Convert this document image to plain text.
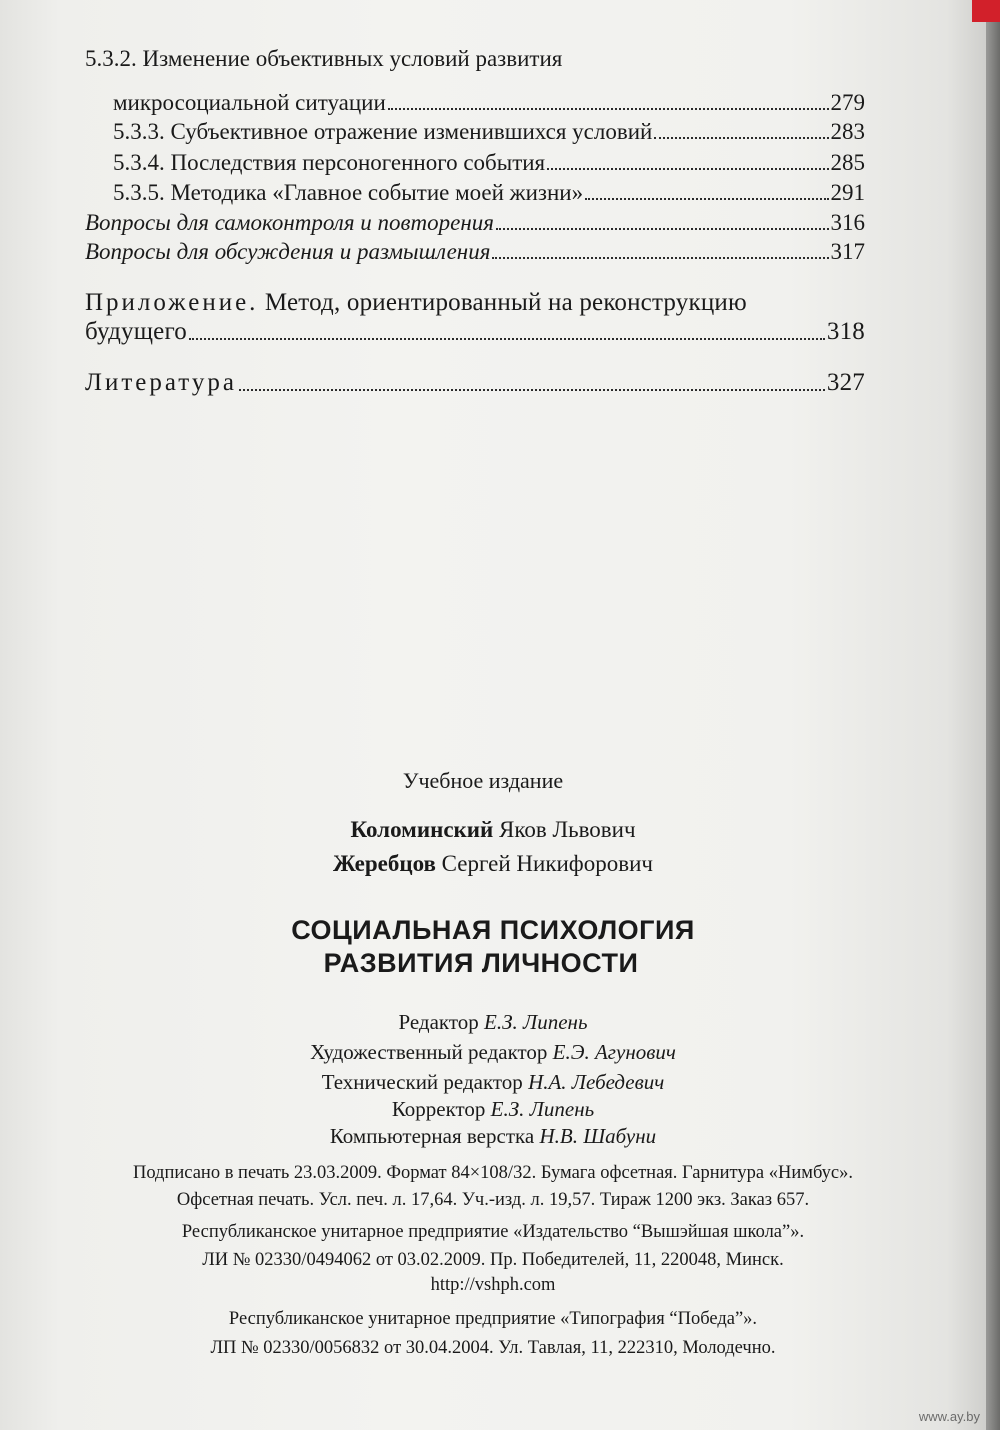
5.3.2. Изменение объективных условий развития
микросоциальной ситуации	279
5.3.3. Субъективное отражение изменившихся условий	283
5.3.4. Последствия персоногенного события	285
5.3.5. Методика «Главное событие моей жизни»	291
Вопросы для самоконтроля и повторения	316
Вопросы для обсуждения и размышления	317
Приложение. Метод, ориентированный на реконструкцию
будущего	318
Литература	327
Учебное издание
Коломинский Яков Львович
Жеребцов Сергей Никифорович
СОЦИАЛЬНАЯ ПСИХОЛОГИЯ
РАЗВИТИЯ ЛИЧНОСТИ
Редактор Е.З. Липень
Художественный редактор Е.Э. Агунович
Технический редактор Н.А. Лебедевич
Корректор Е.З. Липень
Компьютерная верстка Н.В. Шабуни
Подписано в печать 23.03.2009. Формат 84×108/32. Бумага офсетная. Гарнитура «Нимбус».
Офсетная печать. Усл. печ. л. 17,64. Уч.-изд. л. 19,57. Тираж 1200 экз. Заказ 657.
Республиканское унитарное предприятие «Издательство “Вышэйшая школа”».
ЛИ № 02330/0494062 от 03.02.2009. Пр. Победителей, 11, 220048, Минск.
http://vshph.com
Республиканское унитарное предприятие «Типография “Победа”».
ЛП № 02330/0056832 от 30.04.2004. Ул. Тавлая, 11, 222310, Молодечно.
www.ay.by
